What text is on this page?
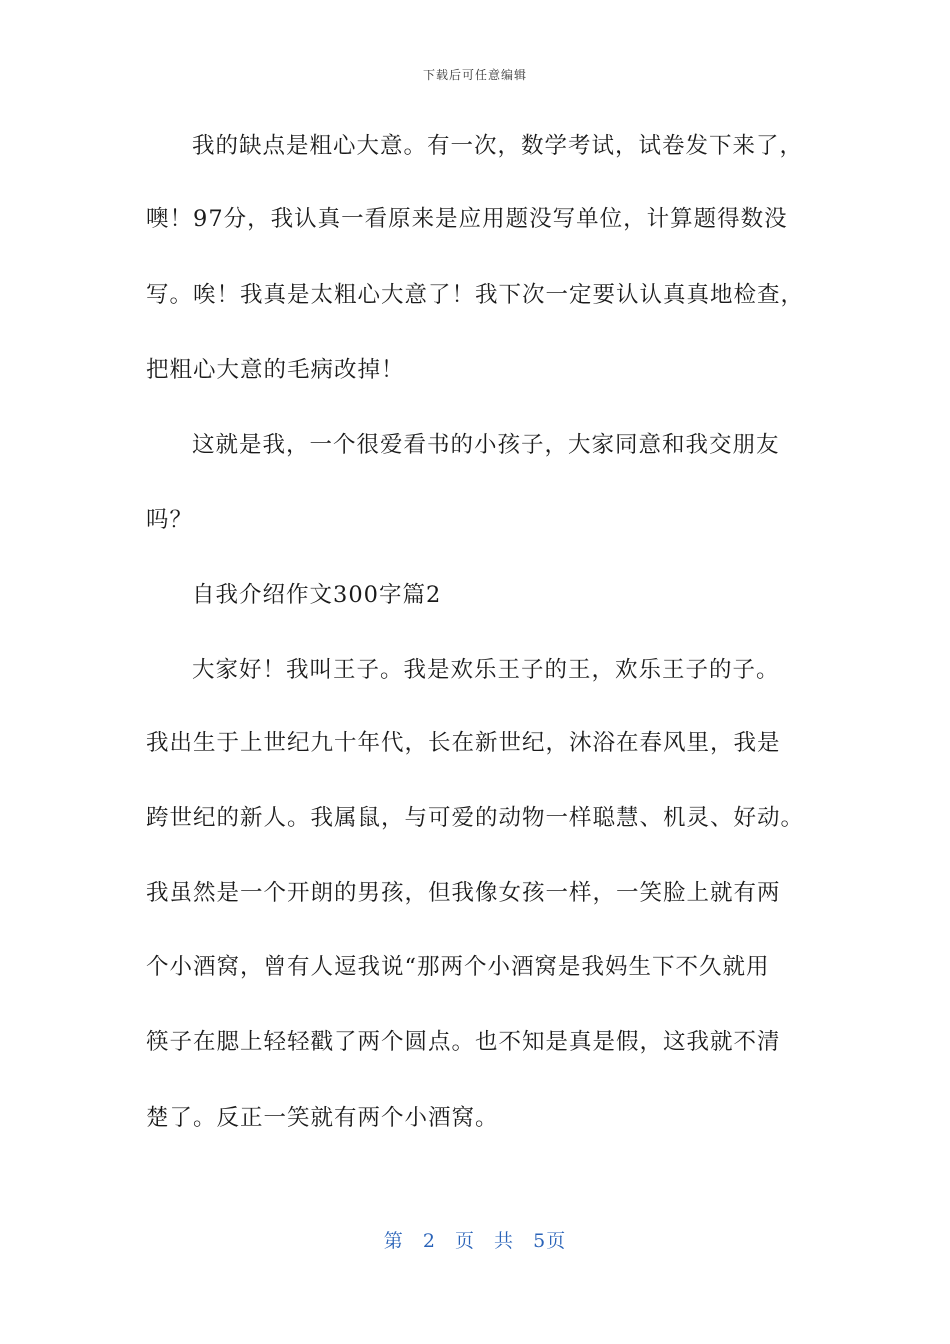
下载后可任意编辑
我的缺点是粗心大意。有一次，数学考试，试卷发下来了，
噢！97分，我认真一看原来是应用题没写单位，计算题得数没
写。唉！我真是太粗心大意了！我下次一定要认认真真地检查，
把粗心大意的毛病改掉！
这就是我，一个很爱看书的小孩子，大家同意和我交朋友
吗？
自我介绍作文300字篇2
大家好！我叫王子。我是欢乐王子的王，欢乐王子的子。
我出生于上世纪九十年代，长在新世纪，沐浴在春风里，我是
跨世纪的新人。我属鼠，与可爱的动物一样聪慧、机灵、好动。
我虽然是一个开朗的男孩，但我像女孩一样，一笑脸上就有两
个小酒窝，曾有人逗我说“那两个小酒窝是我妈生下不久就用
筷子在腮上轻轻戳了两个圆点。也不知是真是假，这我就不清
楚了。反正一笑就有两个小酒窝。
第 2 页 共 5页
